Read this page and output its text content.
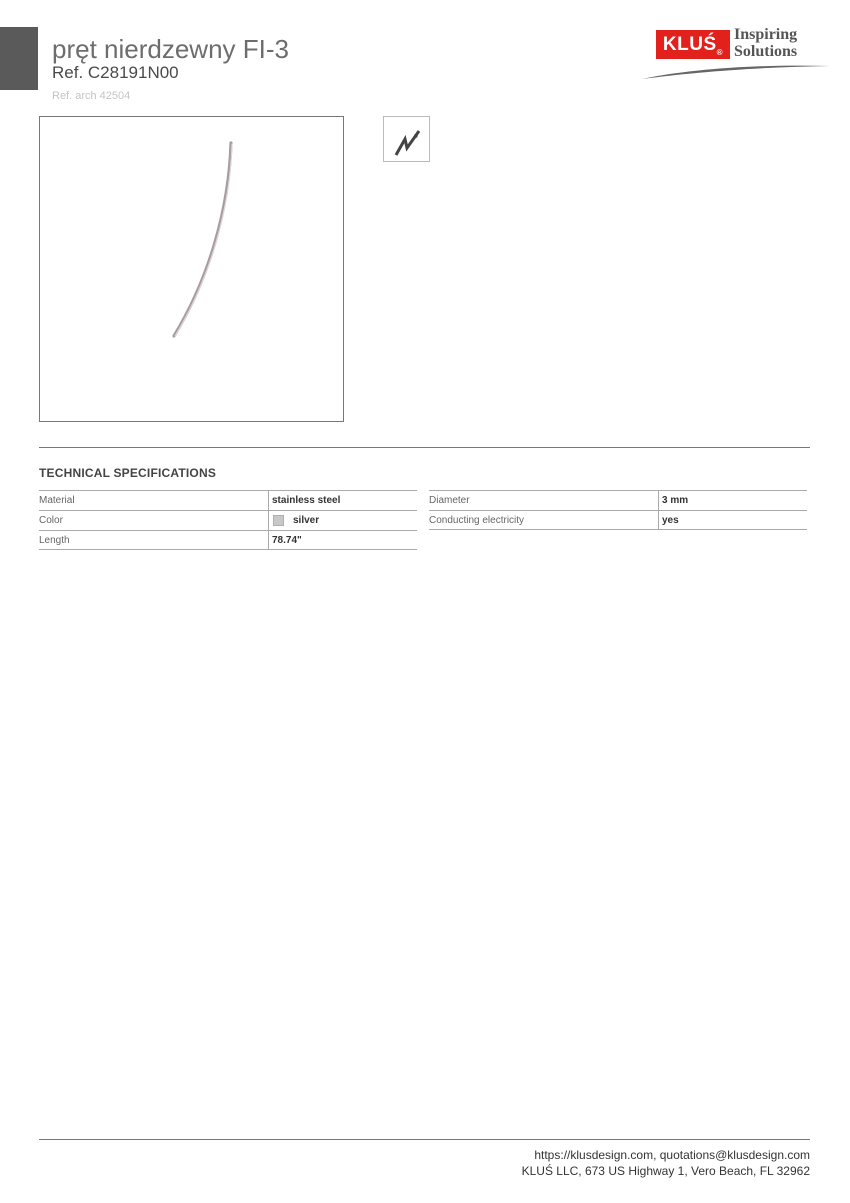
pręt nierdzewny FI-3
Ref. C28191N00
Ref. arch 42504
$KLUŚ_®$
Inspiring
Solutions
TECHNICAL SPECIFICATIONS
Material	stainless steel
Color	silver
Length	78.74"
Diameter	3 mm
Conducting electricity	yes
https://klusdesign.com, quotations@klusdesign.com
KLUŚ LLC, 673 US Highway 1, Vero Beach, FL 32962
